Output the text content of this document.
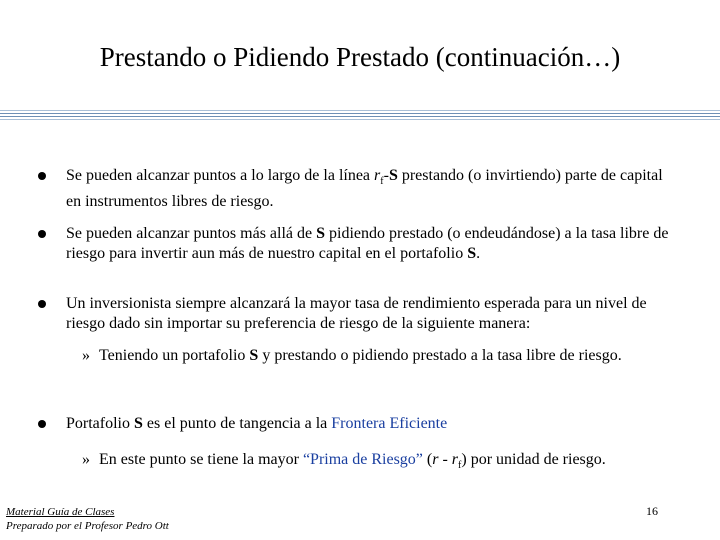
Prestando o Pidiendo Prestado (continuación…)
Se pueden alcanzar puntos a lo largo de la línea $r_f-S$ prestando (o invirtiendo) parte de capital en instrumentos libres de riesgo.
Se pueden alcanzar puntos más allá de S pidiendo prestado (o endeudándose) a la tasa libre de riesgo para invertir aun más de nuestro capital en el portafolio S.
Un inversionista siempre alcanzará la mayor tasa de rendimiento esperada para un nivel de riesgo dado sin importar su preferencia de riesgo de la siguiente manera:
» Teniendo un portafolio S y prestando o pidiendo prestado a la tasa libre de riesgo.
Portafolio S es el punto de tangencia a la Frontera Eficiente
» En este punto se tiene la mayor “Prima de Riesgo” $(r - r_f)$ por unidad de riesgo.
Material Guía de Clases
Preparado por el Profesor Pedro Ott
16
